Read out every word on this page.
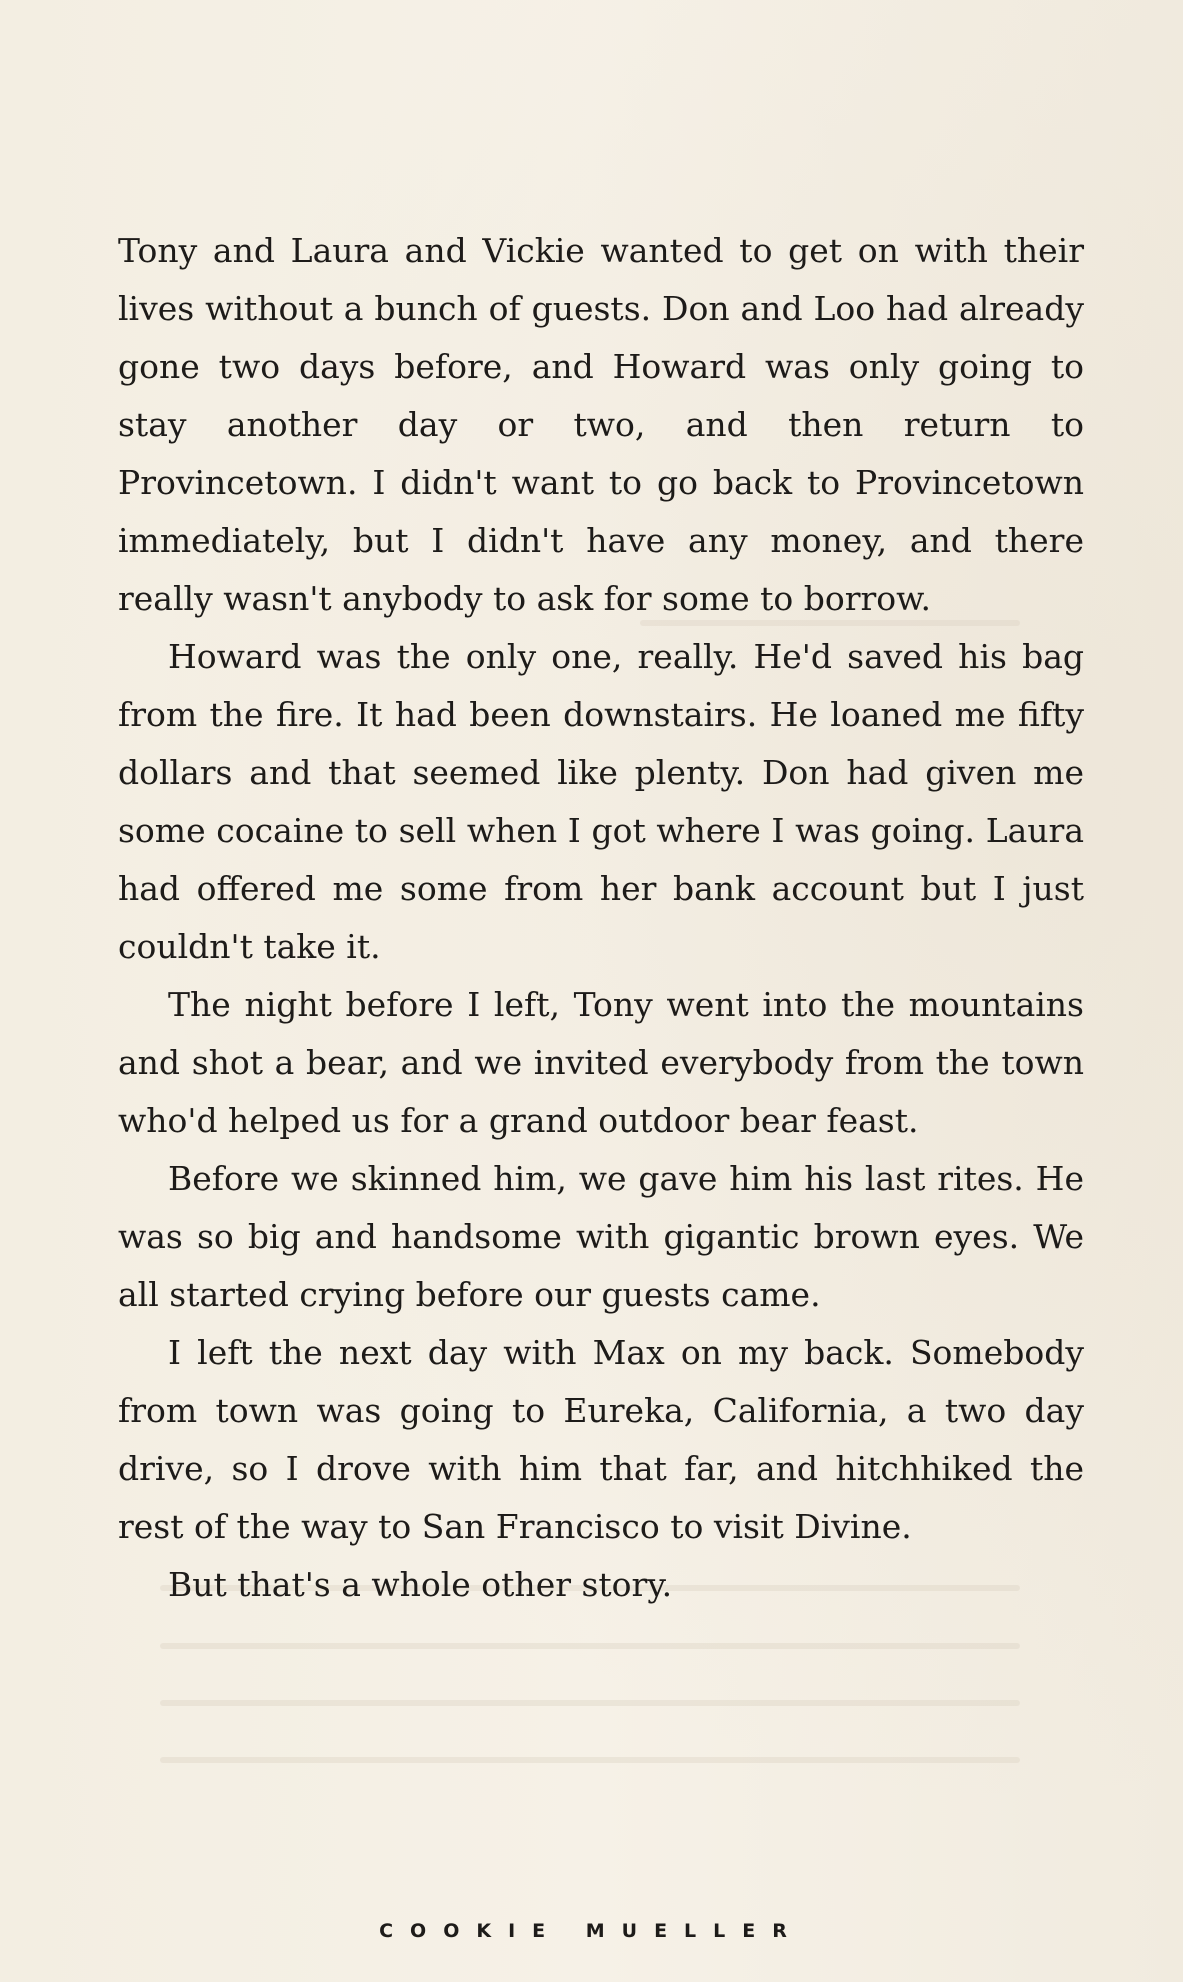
Tony and Laura and Vickie wanted to get on with their lives without a bunch of guests. Don and Loo had already gone two days before, and Howard was only going to stay another day or two, and then return to Provincetown. I didn't want to go back to Provincetown immediately, but I didn't have any money, and there really wasn't anybody to ask for some to borrow.

Howard was the only one, really. He'd saved his bag from the fire. It had been downstairs. He loaned me fifty dollars and that seemed like plenty. Don had given me some cocaine to sell when I got where I was going. Laura had offered me some from her bank account but I just couldn't take it.

The night before I left, Tony went into the mountains and shot a bear, and we invited everybody from the town who'd helped us for a grand outdoor bear feast.

Before we skinned him, we gave him his last rites. He was so big and handsome with gigantic brown eyes. We all started crying before our guests came.

I left the next day with Max on my back. Somebody from town was going to Eureka, California, a two day drive, so I drove with him that far, and hitchhiked the rest of the way to San Francisco to visit Divine.

But that's a whole other story.

COOKIE MUELLER
